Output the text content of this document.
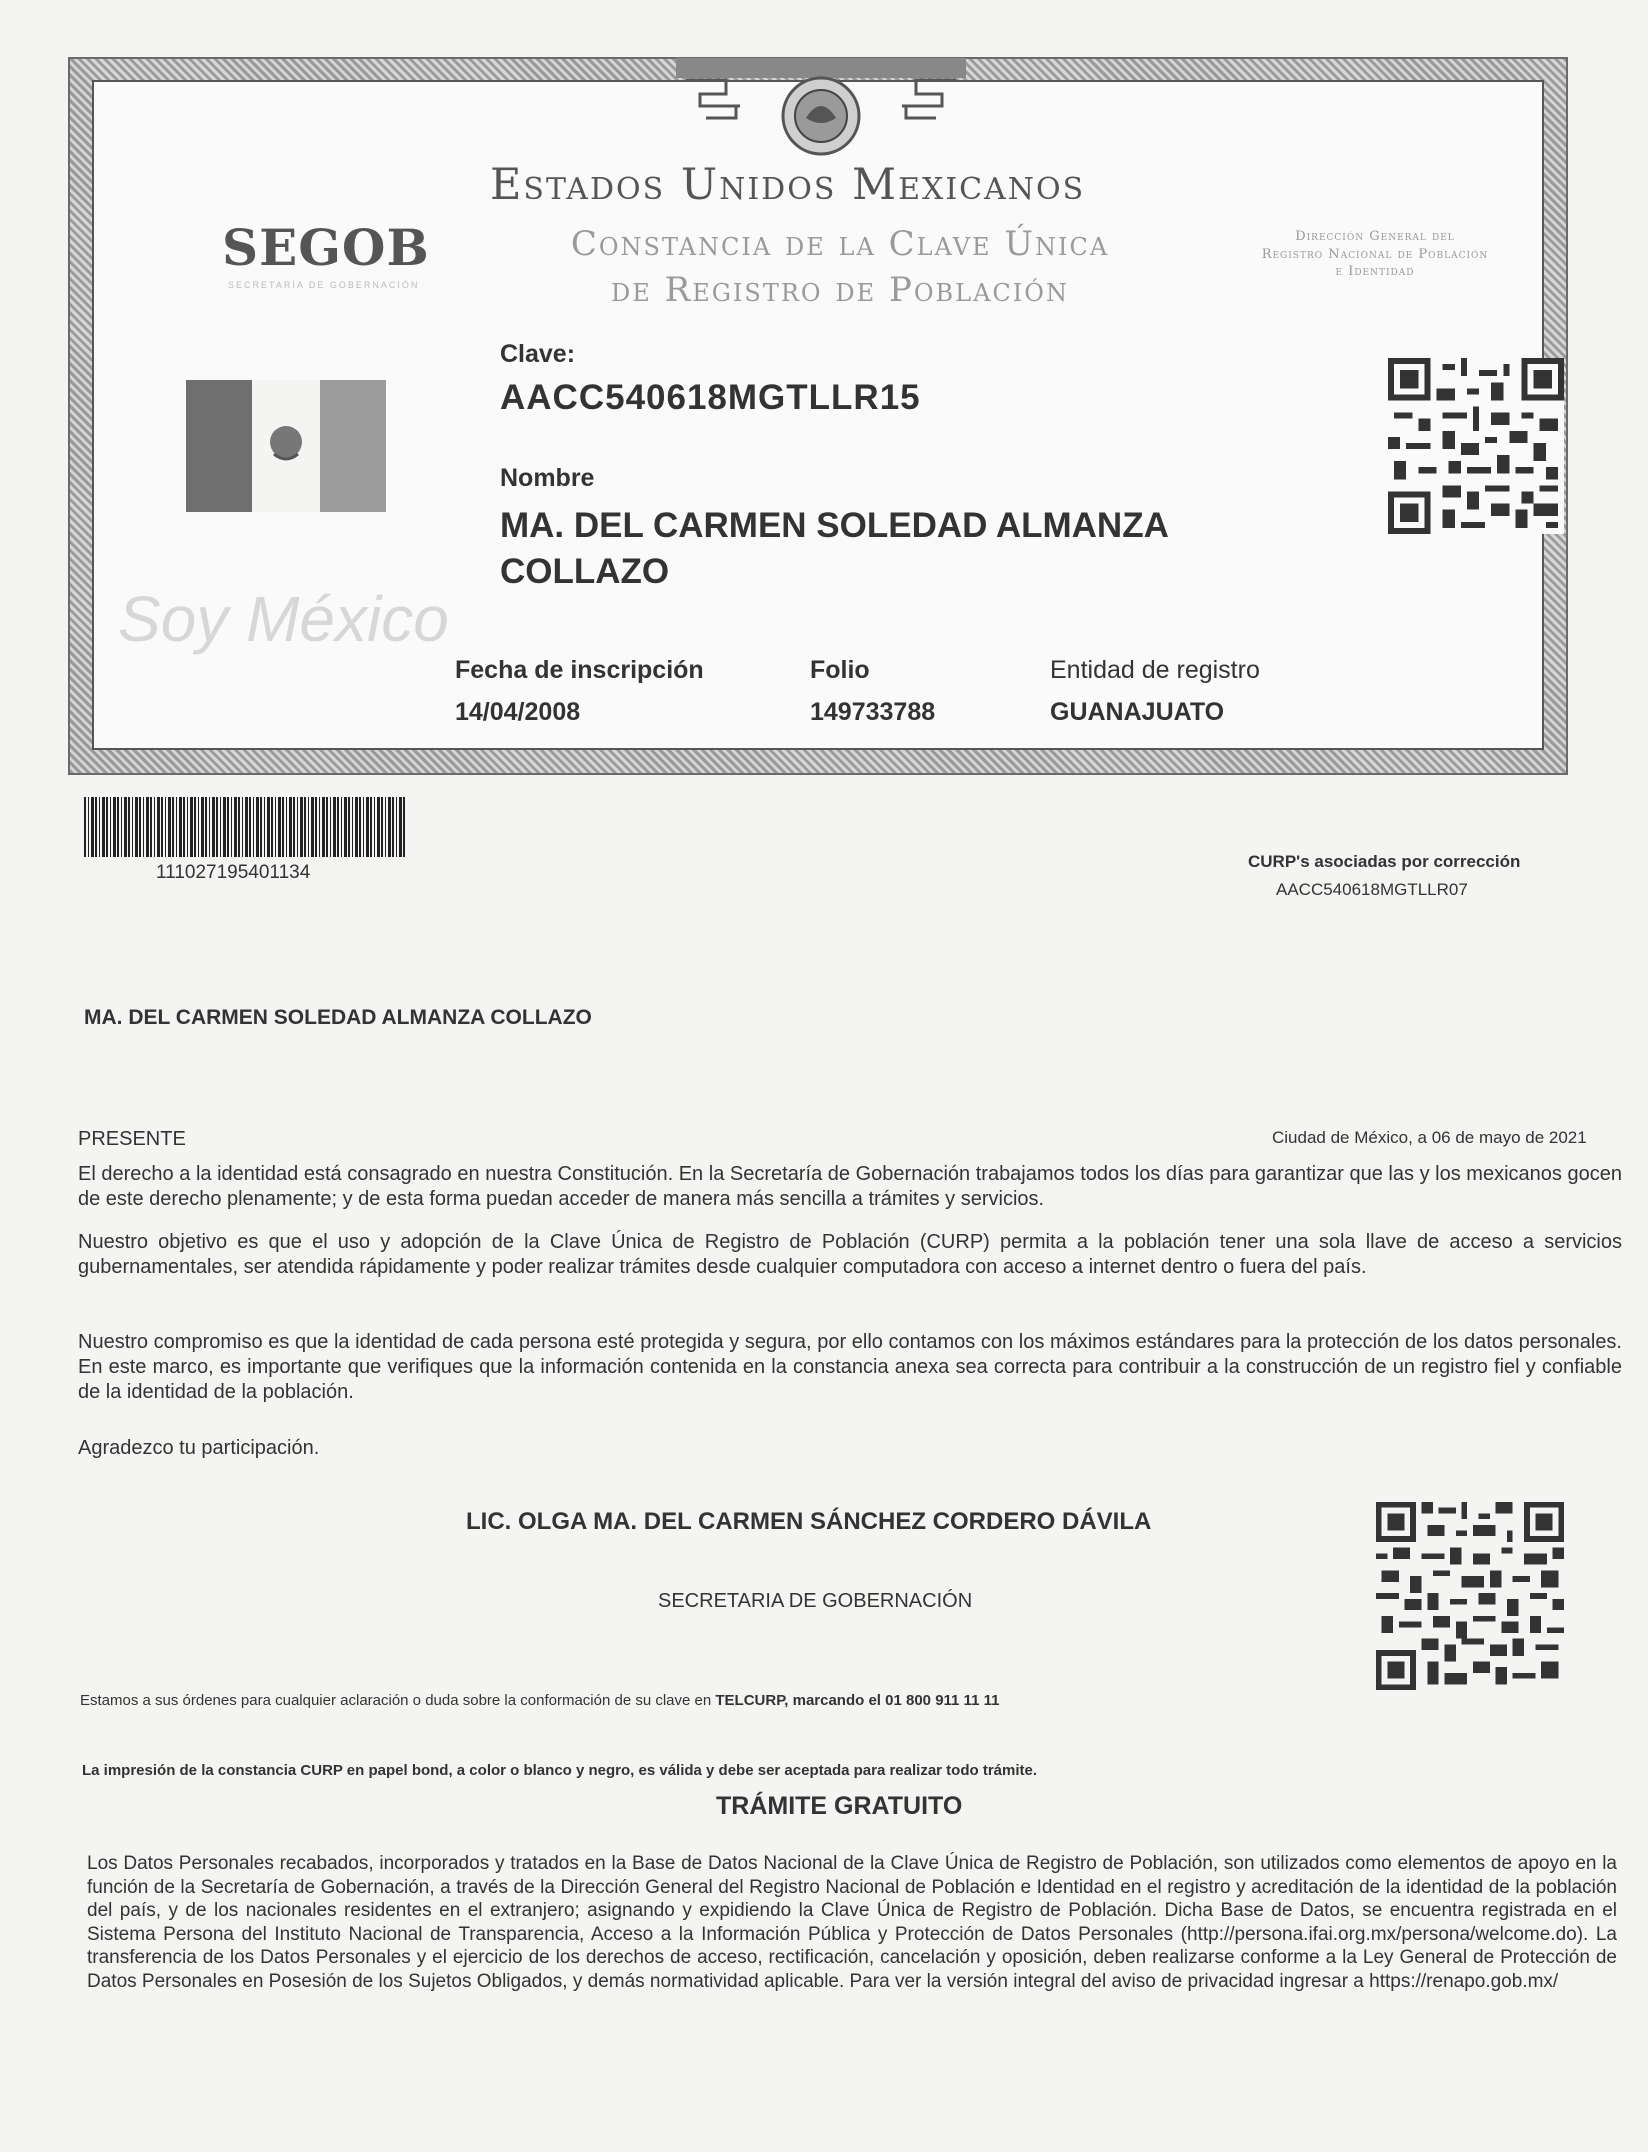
Estados Unidos Mexicanos
Constancia de la Clave Única
de Registro de Población
SEGOB
SECRETARÍA DE GOBERNACIÓN
Dirección General del
Registro Nacional de Población
e Identidad
Clave:
AACC540618MGTLLR15
Nombre
MA. DEL CARMEN SOLEDAD ALMANZA
COLLAZO
Soy México
Fecha de inscripción
14/04/2008
Folio
149733788
Entidad de registro
GUANAJUATO
111027195401134
CURP's asociadas por corrección
AACC540618MGTLLR07
MA. DEL CARMEN SOLEDAD ALMANZA COLLAZO
PRESENTE	Ciudad de México, a 06 de mayo de 2021
El derecho a la identidad está consagrado en nuestra Constitución. En la Secretaría de Gobernación trabajamos todos los días para garantizar que las y los mexicanos gocen de este derecho plenamente; y de esta forma puedan acceder de manera más sencilla a trámites y servicios.
Nuestro objetivo es que el uso y adopción de la Clave Única de Registro de Población (CURP) permita a la población tener una sola llave de acceso a servicios gubernamentales, ser atendida rápidamente y poder realizar trámites desde cualquier computadora con acceso a internet dentro o fuera del país.
Nuestro compromiso es que la identidad de cada persona esté protegida y segura, por ello contamos con los máximos estándares para la protección de los datos personales. En este marco, es importante que verifiques que la información contenida en la constancia anexa sea correcta para contribuir a la construcción de un registro fiel y confiable de la identidad de la población.
Agradezco tu participación.
LIC. OLGA MA. DEL CARMEN SÁNCHEZ CORDERO DÁVILA
SECRETARIA DE GOBERNACIÓN
Estamos a sus órdenes para cualquier aclaración o duda sobre la conformación de su clave en TELCURP, marcando el 01 800 911 11 11
La impresión de la constancia CURP en papel bond, a color o blanco y negro, es válida y debe ser aceptada para realizar todo trámite.
TRÁMITE GRATUITO
Los Datos Personales recabados, incorporados y tratados en la Base de Datos Nacional de la Clave Única de Registro de Población, son utilizados como elementos de apoyo en la función de la Secretaría de Gobernación, a través de la Dirección General del Registro Nacional de Población e Identidad en el registro y acreditación de la identidad de la población del país, y de los nacionales residentes en el extranjero; asignando y expidiendo la Clave Única de Registro de Población. Dicha Base de Datos, se encuentra registrada en el Sistema Persona del Instituto Nacional de Transparencia, Acceso a la Información Pública y Protección de Datos Personales (http://persona.ifai.org.mx/persona/welcome.do). La transferencia de los Datos Personales y el ejercicio de los derechos de acceso, rectificación, cancelación y oposición, deben realizarse conforme a la Ley General de Protección de Datos Personales en Posesión de los Sujetos Obligados, y demás normatividad aplicable. Para ver la versión integral del aviso de privacidad ingresar a https://renapo.gob.mx/
